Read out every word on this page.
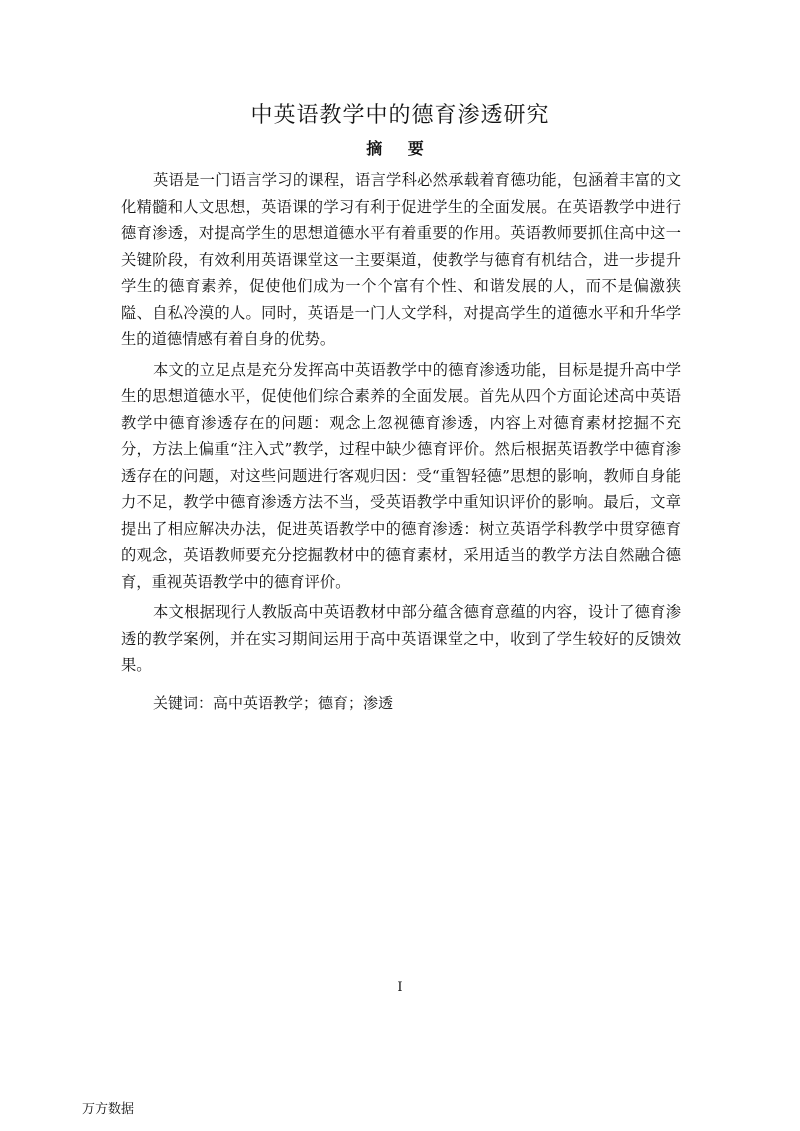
中英语教学中的德育渗透研究
摘 要

英语是一门语言学习的课程，语言学科必然承载着育德功能，包涵着丰富的文化精髓和人文思想，英语课的学习有利于促进学生的全面发展。在英语教学中进行德育渗透，对提高学生的思想道德水平有着重要的作用。英语教师要抓住高中这一关键阶段，有效利用英语课堂这一主要渠道，使教学与德育有机结合，进一步提升学生的德育素养，促使他们成为一个个富有个性、和谐发展的人，而不是偏激狭隘、自私冷漠的人。同时，英语是一门人文学科，对提高学生的道德水平和升华学生的道德情感有着自身的优势。

本文的立足点是充分发挥高中英语教学中的德育渗透功能，目标是提升高中学生的思想道德水平，促使他们综合素养的全面发展。首先从四个方面论述高中英语教学中德育渗透存在的问题：观念上忽视德育渗透，内容上对德育素材挖掘不充分，方法上偏重“注入式”教学，过程中缺少德育评价。然后根据英语教学中德育渗透存在的问题，对这些问题进行客观归因：受“重智轻德”思想的影响，教师自身能力不足，教学中德育渗透方法不当，受英语教学中重知识评价的影响。最后，文章提出了相应解决办法，促进英语教学中的德育渗透：树立英语学科教学中贯穿德育的观念，英语教师要充分挖掘教材中的德育素材，采用适当的教学方法自然融合德育，重视英语教学中的德育评价。

本文根据现行人教版高中英语教材中部分蕴含德育意蕴的内容，设计了德育渗透的教学案例，并在实习期间运用于高中英语课堂之中，收到了学生较好的反馈效果。

关键词：高中英语教学；德育；渗透
I
万方数据
